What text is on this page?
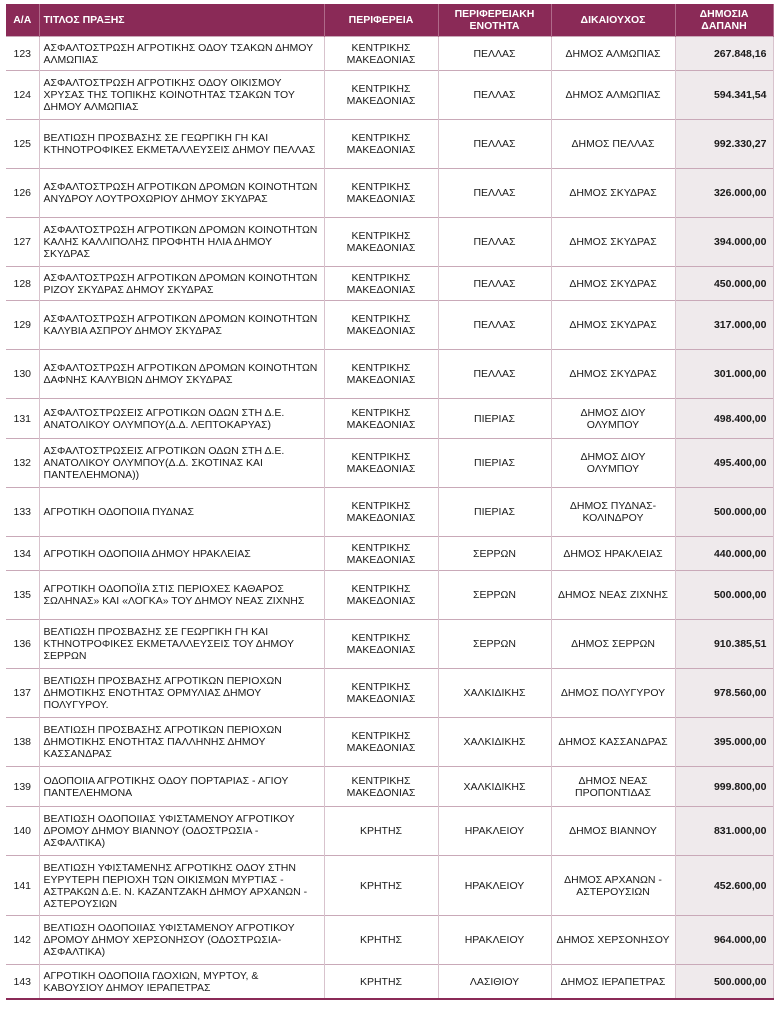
Α/Α	ΤΙΤΛΟΣ ΠΡΑΞΗΣ	ΠΕΡΙΦΕΡΕΙΑ	ΠΕΡΙΦΕΡΕΙΑΚΗ ΕΝΟΤΗΤΑ	ΔΙΚΑΙΟΥΧΟΣ	ΔΗΜΟΣΙΑ ΔΑΠΑΝΗ
123	ΑΣΦΑΛΤΟΣΤΡΩΣΗ ΑΓΡΟΤΙΚΗΣ ΟΔΟΥ ΤΣΑΚΩΝ ΔΗΜΟΥ ΑΛΜΩΠΙΑΣ	ΚΕΝΤΡΙΚΗΣ ΜΑΚΕΔΟΝΙΑΣ	ΠΕΛΛΑΣ	ΔΗΜΟΣ ΑΛΜΩΠΙΑΣ	267.848,16
124	ΑΣΦΑΛΤΟΣΤΡΩΣΗ ΑΓΡΟΤΙΚΗΣ ΟΔΟΥ ΟΙΚΙΣΜΟΥ ΧΡΥΣΑΣ ΤΗΣ ΤΟΠΙΚΗΣ ΚΟΙΝΟΤΗΤΑΣ ΤΣΑΚΩΝ ΤΟΥ ΔΗΜΟΥ ΑΛΜΩΠΙΑΣ	ΚΕΝΤΡΙΚΗΣ ΜΑΚΕΔΟΝΙΑΣ	ΠΕΛΛΑΣ	ΔΗΜΟΣ ΑΛΜΩΠΙΑΣ	594.341,54
125	ΒΕΛΤΙΩΣΗ ΠΡΟΣΒΑΣΗΣ ΣΕ ΓΕΩΡΓΙΚΗ ΓΗ ΚΑΙ ΚΤΗΝΟΤΡΟΦΙΚΕΣ ΕΚΜΕΤΑΛΛΕΥΣΕΙΣ ΔΗΜΟΥ ΠΕΛΛΑΣ	ΚΕΝΤΡΙΚΗΣ ΜΑΚΕΔΟΝΙΑΣ	ΠΕΛΛΑΣ	ΔΗΜΟΣ ΠΕΛΛΑΣ	992.330,27
126	ΑΣΦΑΛΤΟΣΤΡΩΣΗ ΑΓΡΟΤΙΚΩΝ ΔΡΟΜΩΝ ΚΟΙΝΟΤΗΤΩΝ ΑΝΥΔΡΟΥ ΛΟΥΤΡΟΧΩΡΙΟΥ ΔΗΜΟΥ ΣΚΥΔΡΑΣ	ΚΕΝΤΡΙΚΗΣ ΜΑΚΕΔΟΝΙΑΣ	ΠΕΛΛΑΣ	ΔΗΜΟΣ ΣΚΥΔΡΑΣ	326.000,00
127	ΑΣΦΑΛΤΟΣΤΡΩΣΗ ΑΓΡΟΤΙΚΩΝ ΔΡΟΜΩΝ ΚΟΙΝΟΤΗΤΩΝ ΚΑΛΗΣ ΚΑΛΛΙΠΟΛΗΣ ΠΡΟΦΗΤΗ ΗΛΙΑ ΔΗΜΟΥ ΣΚΥΔΡΑΣ	ΚΕΝΤΡΙΚΗΣ ΜΑΚΕΔΟΝΙΑΣ	ΠΕΛΛΑΣ	ΔΗΜΟΣ ΣΚΥΔΡΑΣ	394.000,00
128	ΑΣΦΑΛΤΟΣΤΡΩΣΗ ΑΓΡΟΤΙΚΩΝ ΔΡΟΜΩΝ ΚΟΙΝΟΤΗΤΩΝ ΡΙΖΟΥ ΣΚΥΔΡΑΣ ΔΗΜΟΥ ΣΚΥΔΡΑΣ	ΚΕΝΤΡΙΚΗΣ ΜΑΚΕΔΟΝΙΑΣ	ΠΕΛΛΑΣ	ΔΗΜΟΣ ΣΚΥΔΡΑΣ	450.000,00
129	ΑΣΦΑΛΤΟΣΤΡΩΣΗ ΑΓΡΟΤΙΚΩΝ ΔΡΟΜΩΝ ΚΟΙΝΟΤΗΤΩΝ ΚΑΛΥΒΙΑ ΑΣΠΡΟΥ ΔΗΜΟΥ ΣΚΥΔΡΑΣ	ΚΕΝΤΡΙΚΗΣ ΜΑΚΕΔΟΝΙΑΣ	ΠΕΛΛΑΣ	ΔΗΜΟΣ ΣΚΥΔΡΑΣ	317.000,00
130	ΑΣΦΑΛΤΟΣΤΡΩΣΗ ΑΓΡΟΤΙΚΩΝ ΔΡΟΜΩΝ ΚΟΙΝΟΤΗΤΩΝ ΔΑΦΝΗΣ ΚΑΛΥΒΙΩΝ ΔΗΜΟΥ ΣΚΥΔΡΑΣ	ΚΕΝΤΡΙΚΗΣ ΜΑΚΕΔΟΝΙΑΣ	ΠΕΛΛΑΣ	ΔΗΜΟΣ ΣΚΥΔΡΑΣ	301.000,00
131	ΑΣΦΑΛΤΟΣΤΡΩΣΕΙΣ ΑΓΡΟΤΙΚΩΝ ΟΔΩΝ ΣΤΗ Δ.Ε. ΑΝΑΤΟΛΙΚΟΥ ΟΛΥΜΠΟΥ(Δ.Δ. ΛΕΠΤΟΚΑΡΥΑΣ)	ΚΕΝΤΡΙΚΗΣ ΜΑΚΕΔΟΝΙΑΣ	ΠΙΕΡΙΑΣ	ΔΗΜΟΣ ΔΙΟΥ ΟΛΥΜΠΟΥ	498.400,00
132	ΑΣΦΑΛΤΟΣΤΡΩΣΕΙΣ ΑΓΡΟΤΙΚΩΝ ΟΔΩΝ ΣΤΗ Δ.Ε. ΑΝΑΤΟΛΙΚΟΥ ΟΛΥΜΠΟΥ(Δ.Δ. ΣΚΟΤΙΝΑΣ ΚΑΙ ΠΑΝΤΕΛΕΗΜΟΝΑ))	ΚΕΝΤΡΙΚΗΣ ΜΑΚΕΔΟΝΙΑΣ	ΠΙΕΡΙΑΣ	ΔΗΜΟΣ ΔΙΟΥ ΟΛΥΜΠΟΥ	495.400,00
133	ΑΓΡΟΤΙΚΗ ΟΔΟΠΟΙΙΑ ΠΥΔΝΑΣ	ΚΕΝΤΡΙΚΗΣ ΜΑΚΕΔΟΝΙΑΣ	ΠΙΕΡΙΑΣ	ΔΗΜΟΣ ΠΥΔΝΑΣ-ΚΟΛΙΝΔΡΟΥ	500.000,00
134	ΑΓΡΟΤΙΚΗ ΟΔΟΠΟΙΙΑ ΔΗΜΟΥ ΗΡΑΚΛΕΙΑΣ	ΚΕΝΤΡΙΚΗΣ ΜΑΚΕΔΟΝΙΑΣ	ΣΕΡΡΩΝ	ΔΗΜΟΣ ΗΡΑΚΛΕΙΑΣ	440.000,00
135	ΑΓΡΟΤΙΚΗ ΟΔΟΠΟΪΙΑ ΣΤΙΣ ΠΕΡΙΟΧΕΣ ΚΑΘΑΡΟΣ ΣΩΛΗΝΑΣ» ΚΑΙ «ΛΟΓΚΑ» ΤΟΥ ΔΗΜΟΥ ΝΕΑΣ ΖΙΧΝΗΣ	ΚΕΝΤΡΙΚΗΣ ΜΑΚΕΔΟΝΙΑΣ	ΣΕΡΡΩΝ	ΔΗΜΟΣ ΝΕΑΣ ΖΙΧΝΗΣ	500.000,00
136	ΒΕΛΤΙΩΣΗ ΠΡΟΣΒΑΣΗΣ ΣΕ ΓΕΩΡΓΙΚΗ ΓΗ ΚΑΙ ΚΤΗΝΟΤΡΟΦΙΚΕΣ ΕΚΜΕΤΑΛΛΕΥΣΕΙΣ ΤΟΥ ΔΗΜΟΥ ΣΕΡΡΩΝ	ΚΕΝΤΡΙΚΗΣ ΜΑΚΕΔΟΝΙΑΣ	ΣΕΡΡΩΝ	ΔΗΜΟΣ ΣΕΡΡΩΝ	910.385,51
137	ΒΕΛΤΙΩΣΗ ΠΡΟΣΒΑΣΗΣ ΑΓΡΟΤΙΚΩΝ ΠΕΡΙΟΧΩΝ ΔΗΜΟΤΙΚΗΣ ΕΝΟΤΗΤΑΣ ΟΡΜΥΛΙΑΣ ΔΗΜΟΥ ΠΟΛΥΓΥΡΟΥ.	ΚΕΝΤΡΙΚΗΣ ΜΑΚΕΔΟΝΙΑΣ	ΧΑΛΚΙΔΙΚΗΣ	ΔΗΜΟΣ ΠΟΛΥΓΥΡΟΥ	978.560,00
138	ΒΕΛΤΙΩΣΗ ΠΡΟΣΒΑΣΗΣ ΑΓΡΟΤΙΚΩΝ ΠΕΡΙΟΧΩΝ ΔΗΜΟΤΙΚΗΣ ΕΝΟΤΗΤΑΣ ΠΑΛΛΗΝΗΣ ΔΗΜΟΥ ΚΑΣΣΑΝΔΡΑΣ	ΚΕΝΤΡΙΚΗΣ ΜΑΚΕΔΟΝΙΑΣ	ΧΑΛΚΙΔΙΚΗΣ	ΔΗΜΟΣ ΚΑΣΣΑΝΔΡΑΣ	395.000,00
139	ΟΔΟΠΟΙΙΑ ΑΓΡΟΤΙΚΗΣ ΟΔΟΥ ΠΟΡΤΑΡΙΑΣ - ΑΓΙΟΥ ΠΑΝΤΕΛΕΗΜΟΝΑ	ΚΕΝΤΡΙΚΗΣ ΜΑΚΕΔΟΝΙΑΣ	ΧΑΛΚΙΔΙΚΗΣ	ΔΗΜΟΣ ΝΕΑΣ ΠΡΟΠΟΝΤΙΔΑΣ	999.800,00
140	ΒΕΛΤΙΩΣΗ ΟΔΟΠΟΙΙΑΣ ΥΦΙΣΤΑΜΕΝΟΥ ΑΓΡΟΤΙΚΟΥ ΔΡΟΜΟΥ ΔΗΜΟΥ ΒΙΑΝΝΟΥ (ΟΔΟΣΤΡΩΣΙΑ - ΑΣΦΑΛΤΙΚΑ)	ΚΡΗΤΗΣ	ΗΡΑΚΛΕΙΟΥ	ΔΗΜΟΣ ΒΙΑΝΝΟΥ	831.000,00
141	ΒΕΛΤΙΩΣΗ ΥΦΙΣΤΑΜΕΝΗΣ ΑΓΡΟΤΙΚΗΣ ΟΔΟΥ ΣΤΗΝ ΕΥΡΥΤΕΡΗ ΠΕΡΙΟΧΗ ΤΩΝ ΟΙΚΙΣΜΩΝ ΜΥΡΤΙΑΣ - ΑΣΤΡΑΚΩΝ Δ.Ε. Ν. ΚΑΖΑΝΤΖΑΚΗ ΔΗΜΟΥ ΑΡΧΑΝΩΝ - ΑΣΤΕΡΟΥΣΙΩΝ	ΚΡΗΤΗΣ	ΗΡΑΚΛΕΙΟΥ	ΔΗΜΟΣ ΑΡΧΑΝΩΝ - ΑΣΤΕΡΟΥΣΙΩΝ	452.600,00
142	ΒΕΛΤΙΩΣΗ ΟΔΟΠΟΙΙΑΣ ΥΦΙΣΤΑΜΕΝΟΥ ΑΓΡΟΤΙΚΟΥ ΔΡΟΜΟΥ ΔΗΜΟΥ ΧΕΡΣΟΝΗΣΟΥ (ΟΔΟΣΤΡΩΣΙΑ-ΑΣΦΑΛΤΙΚΑ)	ΚΡΗΤΗΣ	ΗΡΑΚΛΕΙΟΥ	ΔΗΜΟΣ ΧΕΡΣΟΝΗΣΟΥ	964.000,00
143	ΑΓΡΟΤΙΚΗ ΟΔΟΠΟΙΙΑ ΓΔΟΧΙΩΝ, ΜΥΡΤΟΥ, & ΚΑΒΟΥΣΙΟΥ ΔΗΜΟΥ ΙΕΡΑΠΕΤΡΑΣ	ΚΡΗΤΗΣ	ΛΑΣΙΘΙΟΥ	ΔΗΜΟΣ ΙΕΡΑΠΕΤΡΑΣ	500.000,00
